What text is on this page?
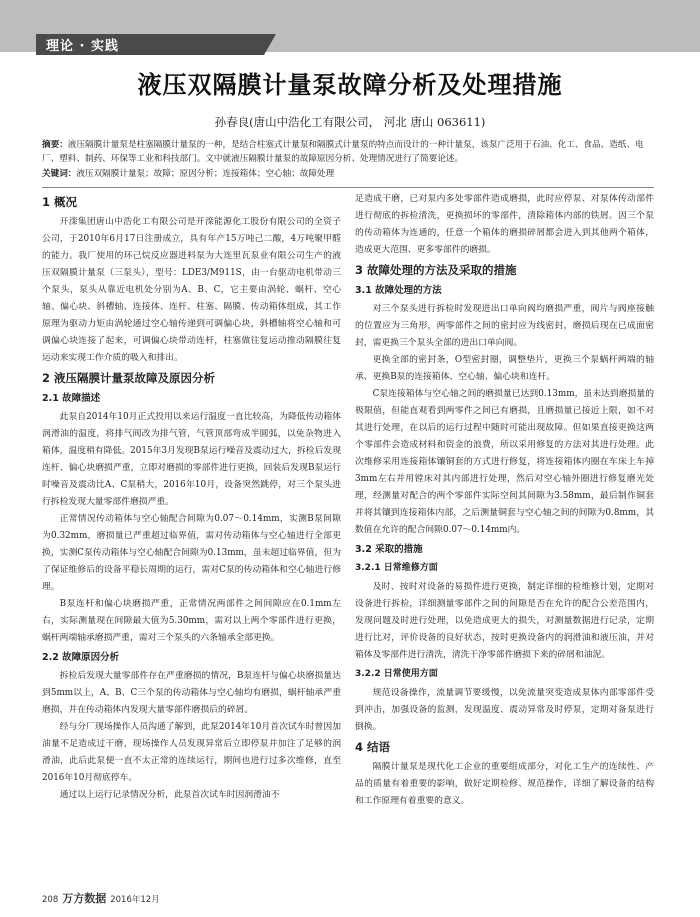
理论 · 实践
液压双隔膜计量泵故障分析及处理措施
孙春良(唐山中浩化工有限公司， 河北 唐山 063611)
摘要：液压隔膜计量泵是柱塞隔膜计量泵的一种，是结合柱塞式计量泵和隔膜式计量泵的特点而设计的一种计量泵，该泵广泛用于石油、化工、食品、造纸、电厂、塑料、制药、环保等工业和科技部门。文中就液压隔膜计量泵的故障原因分析、处理情况进行了简要论述。
关键词：液压双隔膜计量泵；故障；原因分析；连接箱体；空心轴；故障处理
1 概况

开滦集团唐山中浩化工有限公司是开滦能源化工股份有限公司的全资子公司，于2010年6月17日注册成立，具有年产15万吨己二酸，4万吨聚甲醛的能力。我厂使用的环己烷反应器进料泵为大连里瓦泵业有限公司生产的液压双隔膜计量泵（三泵头），型号：LDE3/M911S，由一台驱动电机带动三个泵头，泵头从靠近电机处分别为A、B、C，它主要由涡轮、蜗杆、空心轴、偏心块、斜槽轴、连接体、连杆、柱塞、隔膜、传动箱体组成，其工作原理为驱动力矩由涡轮通过空心轴传递到可调偏心块，斜槽轴将空心轴和可调偏心块连接了起来，可调偏心块带动连杆，柱塞做往复运动推动隔膜往复运动来实现工作介质的吸入和排出。

2 液压隔膜计量泵故障及原因分析
2.1 故障描述

此泵自2014年10月正式投用以来运行温度一直比较高，为降低传动箱体润滑油的温度，将排气阀改为排气管，气管顶部弯成半圆弧，以免杂物进入箱体，温度稍有降低。2015年3月发现B泵运行噪音及震动过大，拆检后发现连杆、偏心块磨损严重，立即对磨损的零部件进行更换，回装后发现B泵运行时噪音及震动比A、C泵稍大，2016年10月，设备突然跳停，对三个泵头进行拆检发现大量零部件磨损严重。

正常情况传动箱体与空心轴配合间隙为0.07～0.14mm，实测B泵间隙为0.32mm，磨损量已严重超过临界值，需对传动箱体与空心轴进行全部更换，实测C泵传动箱体与空心轴配合间隙为0.13mm，虽未超过临界值，但为了保证维修后的设备平稳长周期的运行，需对C泵的传动箱体和空心轴进行修理。

B泵连杆和偏心块磨损严重，正常情况两部件之间间隙应在0.1mm左右，实际测量现在间隙最大值为5.30mm，需对以上两个零部件进行更换，蜗杆两端轴承磨损严重，需对三个泵头的六条轴承全部更换。

2.2 故障原因分析

拆检后发现大量零部件存在严重磨损的情况，B泵连杆与偏心块磨损量达到5mm以上，A、B、C三个泵的传动箱体与空心轴均有磨损，蜗杆轴承严重磨损，并在传动箱体内发现大量零部件磨损后的碎屑。

经与分厂现场操作人员沟通了解到，此泵2014年10月首次试车时曾因加油量不足造成过干磨，现场操作人员发现异常后立即停泵并加注了足够的润滑油，此后此泵便一直不太正常的连续运行，期间也进行过多次维修，直至2016年10月彻底停车。

通过以上运行记录情况分析，此泵首次试车时因润滑油不

足造成干磨，已对泵内多处零部件造成磨损，此时应停泵、对泵体传动部件进行彻底的拆检清洗，更换损坏的零部件，清除箱体内部的铁屑。因三个泵的传动箱体为连通的，任意一个箱体的磨损碎屑都会进入到其他两个箱体，造成更大范围、更多零部件的磨损。

3 故障处理的方法及采取的措施
3.1 故障处理的方法

对三个泵头进行拆检时发现进出口单向阀均磨损严重，阀片与阀座接触的位置应为三角形，两零部件之间的密封应为线密封，磨损后现在已成面密封，需更换三个泵头全部的进出口单向阀。

更换全部的密封条，O型密封圈，调整垫片，更换三个泵蜗杆两端的轴承、更换B泵的连接箱体、空心轴、偏心块和连杆。

C泵连接箱体与空心轴之间的磨损量已达到0.13mm，虽未达到磨损量的极限值，但能直观看到两零件之间已有磨损，且磨损量已接近上限，如不对其进行处理，在以后的运行过程中随时可能出现故障。但如果直接更换这两个零部件会造成材料和资金的浪费，所以采用修复的方法对其进行处理。此次维修采用连接箱体镶铜套的方式进行修复，将连接箱体内圈在车床上车掉3mm左右并用镗床对其内部进行处理，然后对空心轴外圈进行修复磨光处理，经测量对配合的两个零部件实际空间其间隙为3.58mm，最后制作铜套并将其镶到连接箱体内部，之后测量铜套与空心轴之间的间隙为0.8mm，其数值在允许的配合间隙0.07～0.14mm内。

3.2 采取的措施
3.2.1 日常维修方面

及时、按时对设备的易损件进行更换，制定详细的检维修计划，定期对设备进行拆检，详细测量零部件之间的间隙是否在允许的配合公差范围内，发现问题及时进行处理，以免造成更大的损失，对测量数据进行记录，定期进行比对，评价设备的良好状态，按时更换设备内的润滑油和液压油，并对箱体及零部件进行清洗，清洗干净零部件磨损下来的碎屑和油泥。

3.2.2 日常使用方面

规范设备操作，流量调节要缓慢，以免流量突变造成泵体内部零部件受到冲击，加强设备的监测，发现温度、震动异常及时停泵，定期对备泵进行倒换。

4 结语

隔膜计量泵是现代化工企业的重要组成部分，对化工生产的连续性、产品的质量有着重要的影响，做好定期检修、规范操作，详细了解设备的结构和工作原理有着重要的意义。

208 万方数据 2016年12月
